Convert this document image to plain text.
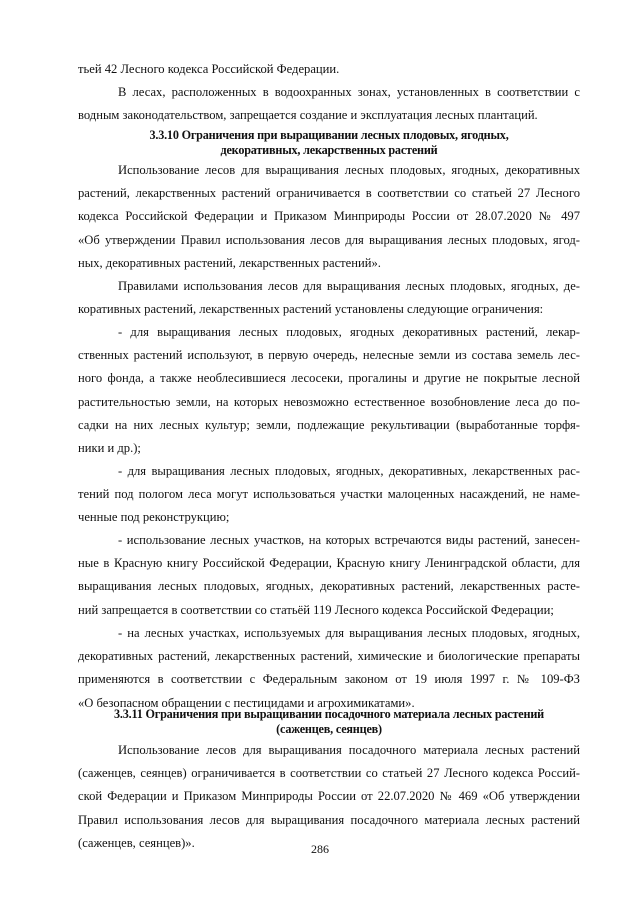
тьей 42 Лесного кодекса Российской Федерации.

В лесах, расположенных в водоохранных зонах, установленных в соответствии с
водным законодательством, запрещается создание и эксплуатация лесных плантаций.

3.3.10 Ограничения при выращивании лесных плодовых, ягодных,
декоративных, лекарственных растений

Использование лесов для выращивания лесных плодовых, ягодных, декоративных
растений, лекарственных растений ограничивается в соответствии со статьей 27 Лесного
кодекса Российской Федерации и Приказом Минприроды России от 28.07.2020 № 497
«Об утверждении Правил использования лесов для выращивания лесных плодовых, ягод-
ных, декоративных растений, лекарственных растений».

Правилами использования лесов для выращивания лесных плодовых, ягодных, де-
коративных растений, лекарственных растений установлены следующие ограничения:

- для выращивания лесных плодовых, ягодных декоративных растений, лекар-
ственных растений используют, в первую очередь, нелесные земли из состава земель лес-
ного фонда, а также необлесившиеся лесосеки, прогалины и другие не покрытые лесной
растительностью земли, на которых невозможно естественное возобновление леса до по-
садки на них лесных культур; земли, подлежащие рекультивации (выработанные торфя-
ники и др.);

- для выращивания лесных плодовых, ягодных, декоративных, лекарственных рас-
тений под пологом леса могут использоваться участки малоценных насаждений, не наме-
ченные под реконструкцию;

- использование лесных участков, на которых встречаются виды растений, занесен-
ные в Красную книгу Российской Федерации, Красную книгу Ленинградской области, для
выращивания лесных плодовых, ягодных, декоративных растений, лекарственных расте-
ний запрещается в соответствии со статьёй 119 Лесного кодекса Российской Федерации;

- на лесных участках, используемых для выращивания лесных плодовых, ягодных,
декоративных растений, лекарственных растений, химические и биологические препараты
применяются в соответствии с Федеральным законом от 19 июля 1997 г. № 109-ФЗ
«О безопасном обращении с пестицидами и агрохимикатами».

3.3.11 Ограничения при выращивании посадочного материала лесных растений
(саженцев, сеянцев)

Использование лесов для выращивания посадочного материала лесных растений
(саженцев, сеянцев) ограничивается в соответствии со статьей 27 Лесного кодекса Россий-
ской Федерации и Приказом Минприроды России от 22.07.2020 № 469 «Об утверждении
Правил использования лесов для выращивания посадочного материала лесных растений
(саженцев, сеянцев)».	286
